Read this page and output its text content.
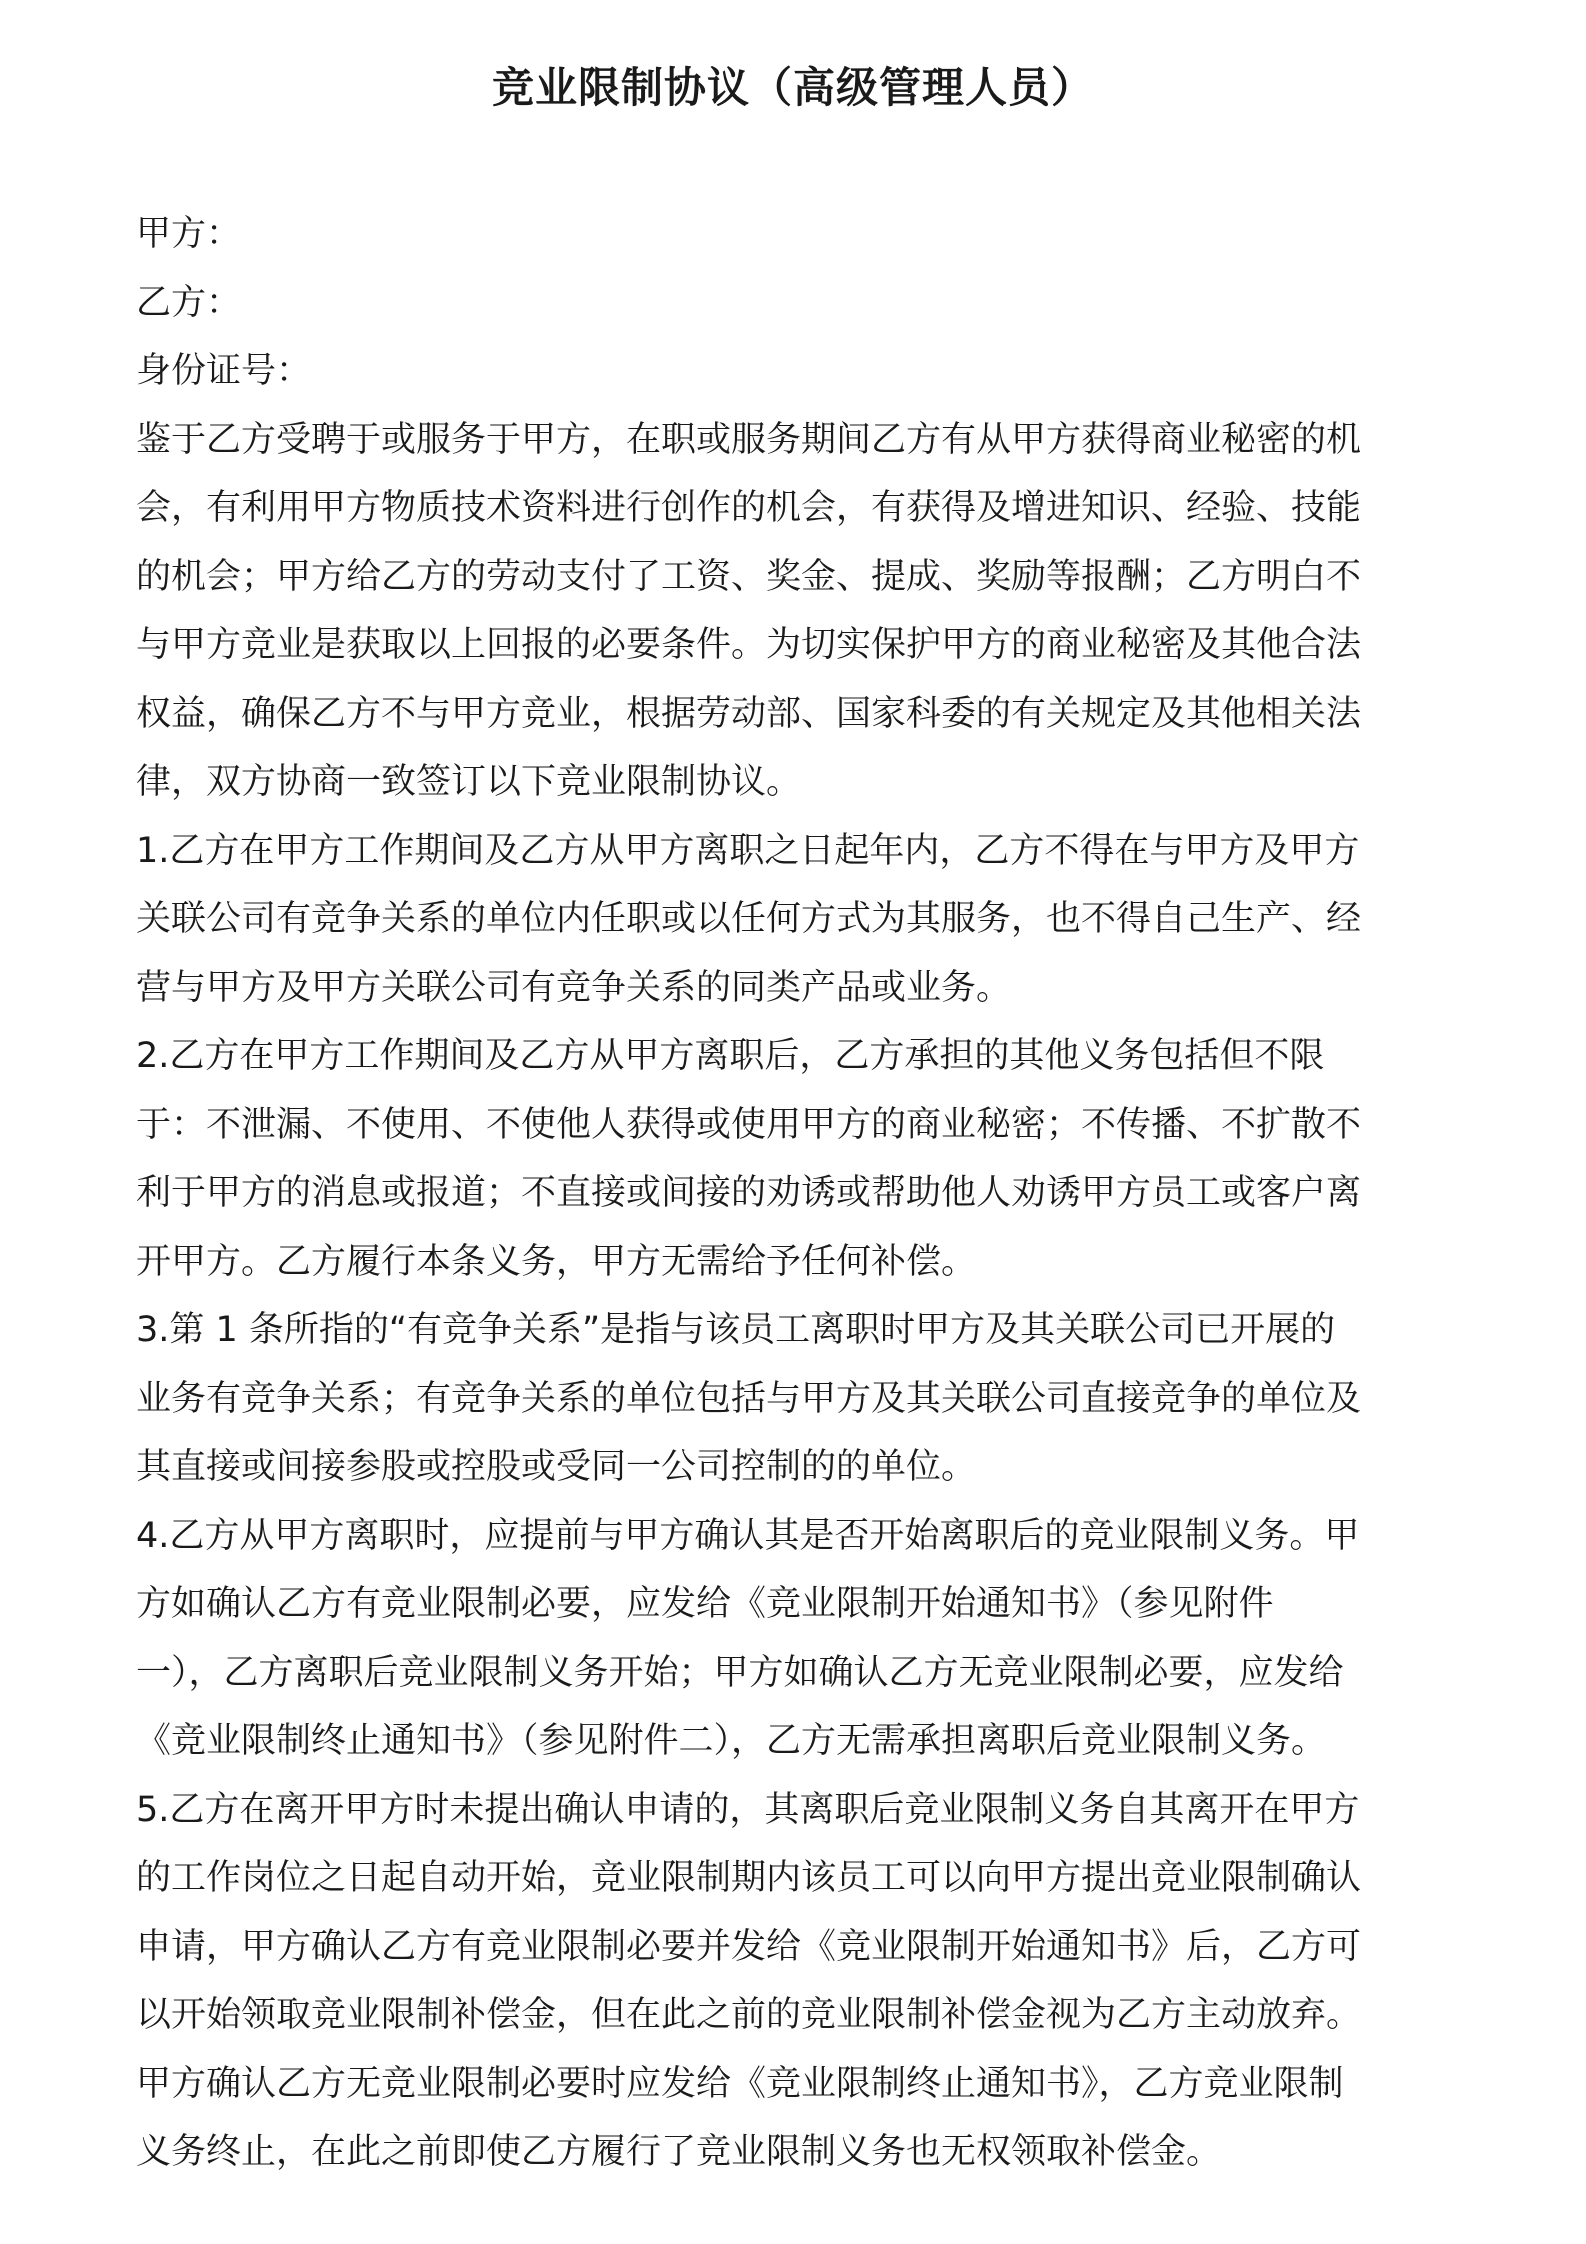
竞业限制协议（高级管理人员）

甲方：

乙方：

身份证号：

鉴于乙方受聘于或服务于甲方，在职或服务期间乙方有从甲方获得商业秘密的机

会，有利用甲方物质技术资料进行创作的机会，有获得及增进知识、经验、技能

的机会；甲方给乙方的劳动支付了工资、奖金、提成、奖励等报酬；乙方明白不

与甲方竞业是获取以上回报的必要条件。为切实保护甲方的商业秘密及其他合法

权益，确保乙方不与甲方竞业，根据劳动部、国家科委的有关规定及其他相关法

律，双方协商一致签订以下竞业限制协议。

1.乙方在甲方工作期间及乙方从甲方离职之日起年内，乙方不得在与甲方及甲方

关联公司有竞争关系的单位内任职或以任何方式为其服务，也不得自己生产、经

营与甲方及甲方关联公司有竞争关系的同类产品或业务。

2.乙方在甲方工作期间及乙方从甲方离职后，乙方承担的其他义务包括但不限

于：不泄漏、不使用、不使他人获得或使用甲方的商业秘密；不传播、不扩散不

利于甲方的消息或报道；不直接或间接的劝诱或帮助他人劝诱甲方员工或客户离

开甲方。乙方履行本条义务，甲方无需给予任何补偿。

3.第 1 条所指的“有竞争关系”是指与该员工离职时甲方及其关联公司已开展的

业务有竞争关系；有竞争关系的单位包括与甲方及其关联公司直接竞争的单位及

其直接或间接参股或控股或受同一公司控制的的单位。

4.乙方从甲方离职时，应提前与甲方确认其是否开始离职后的竞业限制义务。甲

方如确认乙方有竞业限制必要，应发给《竞业限制开始通知书》（参见附件

一），乙方离职后竞业限制义务开始；甲方如确认乙方无竞业限制必要，应发给

《竞业限制终止通知书》（参见附件二），乙方无需承担离职后竞业限制义务。

5.乙方在离开甲方时未提出确认申请的，其离职后竞业限制义务自其离开在甲方

的工作岗位之日起自动开始，竞业限制期内该员工可以向甲方提出竞业限制确认

申请，甲方确认乙方有竞业限制必要并发给《竞业限制开始通知书》后，乙方可

以开始领取竞业限制补偿金，但在此之前的竞业限制补偿金视为乙方主动放弃。

甲方确认乙方无竞业限制必要时应发给《竞业限制终止通知书》，乙方竞业限制

义务终止，在此之前即使乙方履行了竞业限制义务也无权领取补偿金。
